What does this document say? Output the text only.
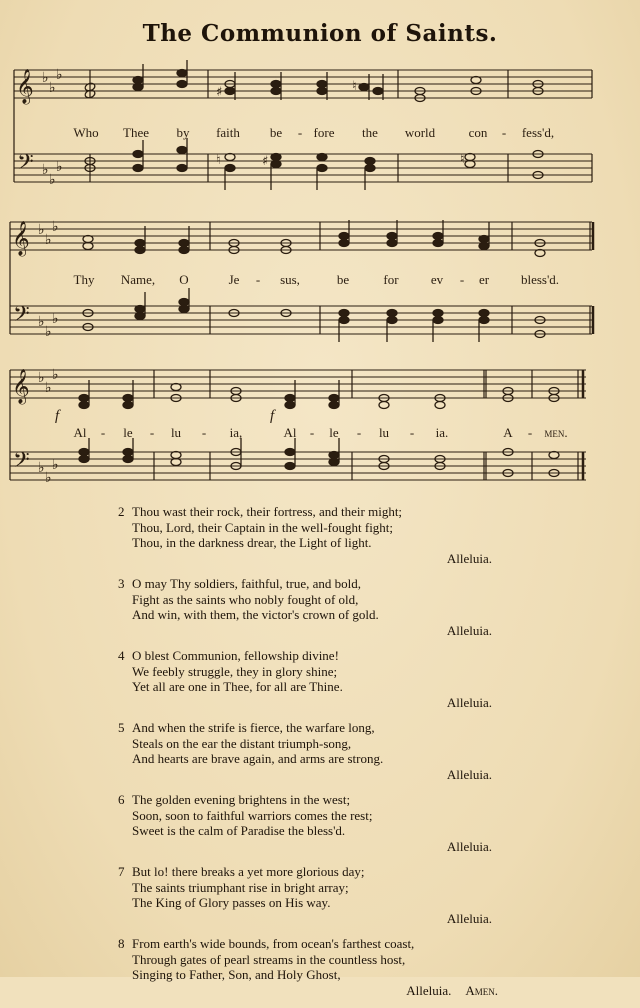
The Communion of Saints.
𝄞
𝄢
♭
♭
♭
♭
♭
♭
♯
♯
♮
♮	♮
Who Thee by faith be - fore the world	con - fess'd,
𝄞
𝄢
♭
♭
♭
♭
♭
♭
Thy Name, O	Je - sus,	be	for ev - er bless'd.
𝄞
𝄢
♭
♭
♭
♭
♭
♭
f	f
Al - le - lu - ia,	Al - le - lu - ia.	A - men.
2 Thou wast their rock, their fortress, and their might;
Thou, Lord, their Captain in the well-fought fight;
Thou, in the darkness drear, the Light of light.
Alleluia.
3 O may Thy soldiers, faithful, true, and bold,
Fight as the saints who nobly fought of old,
And win, with them, the victor's crown of gold.
Alleluia.
4 O blest Communion, fellowship divine!
We feebly struggle, they in glory shine;
Yet all are one in Thee, for all are Thine.
Alleluia.
5 And when the strife is fierce, the warfare long,
Steals on the ear the distant triumph-song,
And hearts are brave again, and arms are strong.
Alleluia.
6 The golden evening brightens in the west;
Soon, soon to faithful warriors comes the rest;
Sweet is the calm of Paradise the bless'd.
Alleluia.
7 But lo! there breaks a yet more glorious day;
The saints triumphant rise in bright array;
The King of Glory passes on His way.
Alleluia.
8 From earth's wide bounds, from ocean's farthest coast,
Through gates of pearl streams in the countless host,
Singing to Father, Son, and Holy Ghost,
Alleluia. Amen.
